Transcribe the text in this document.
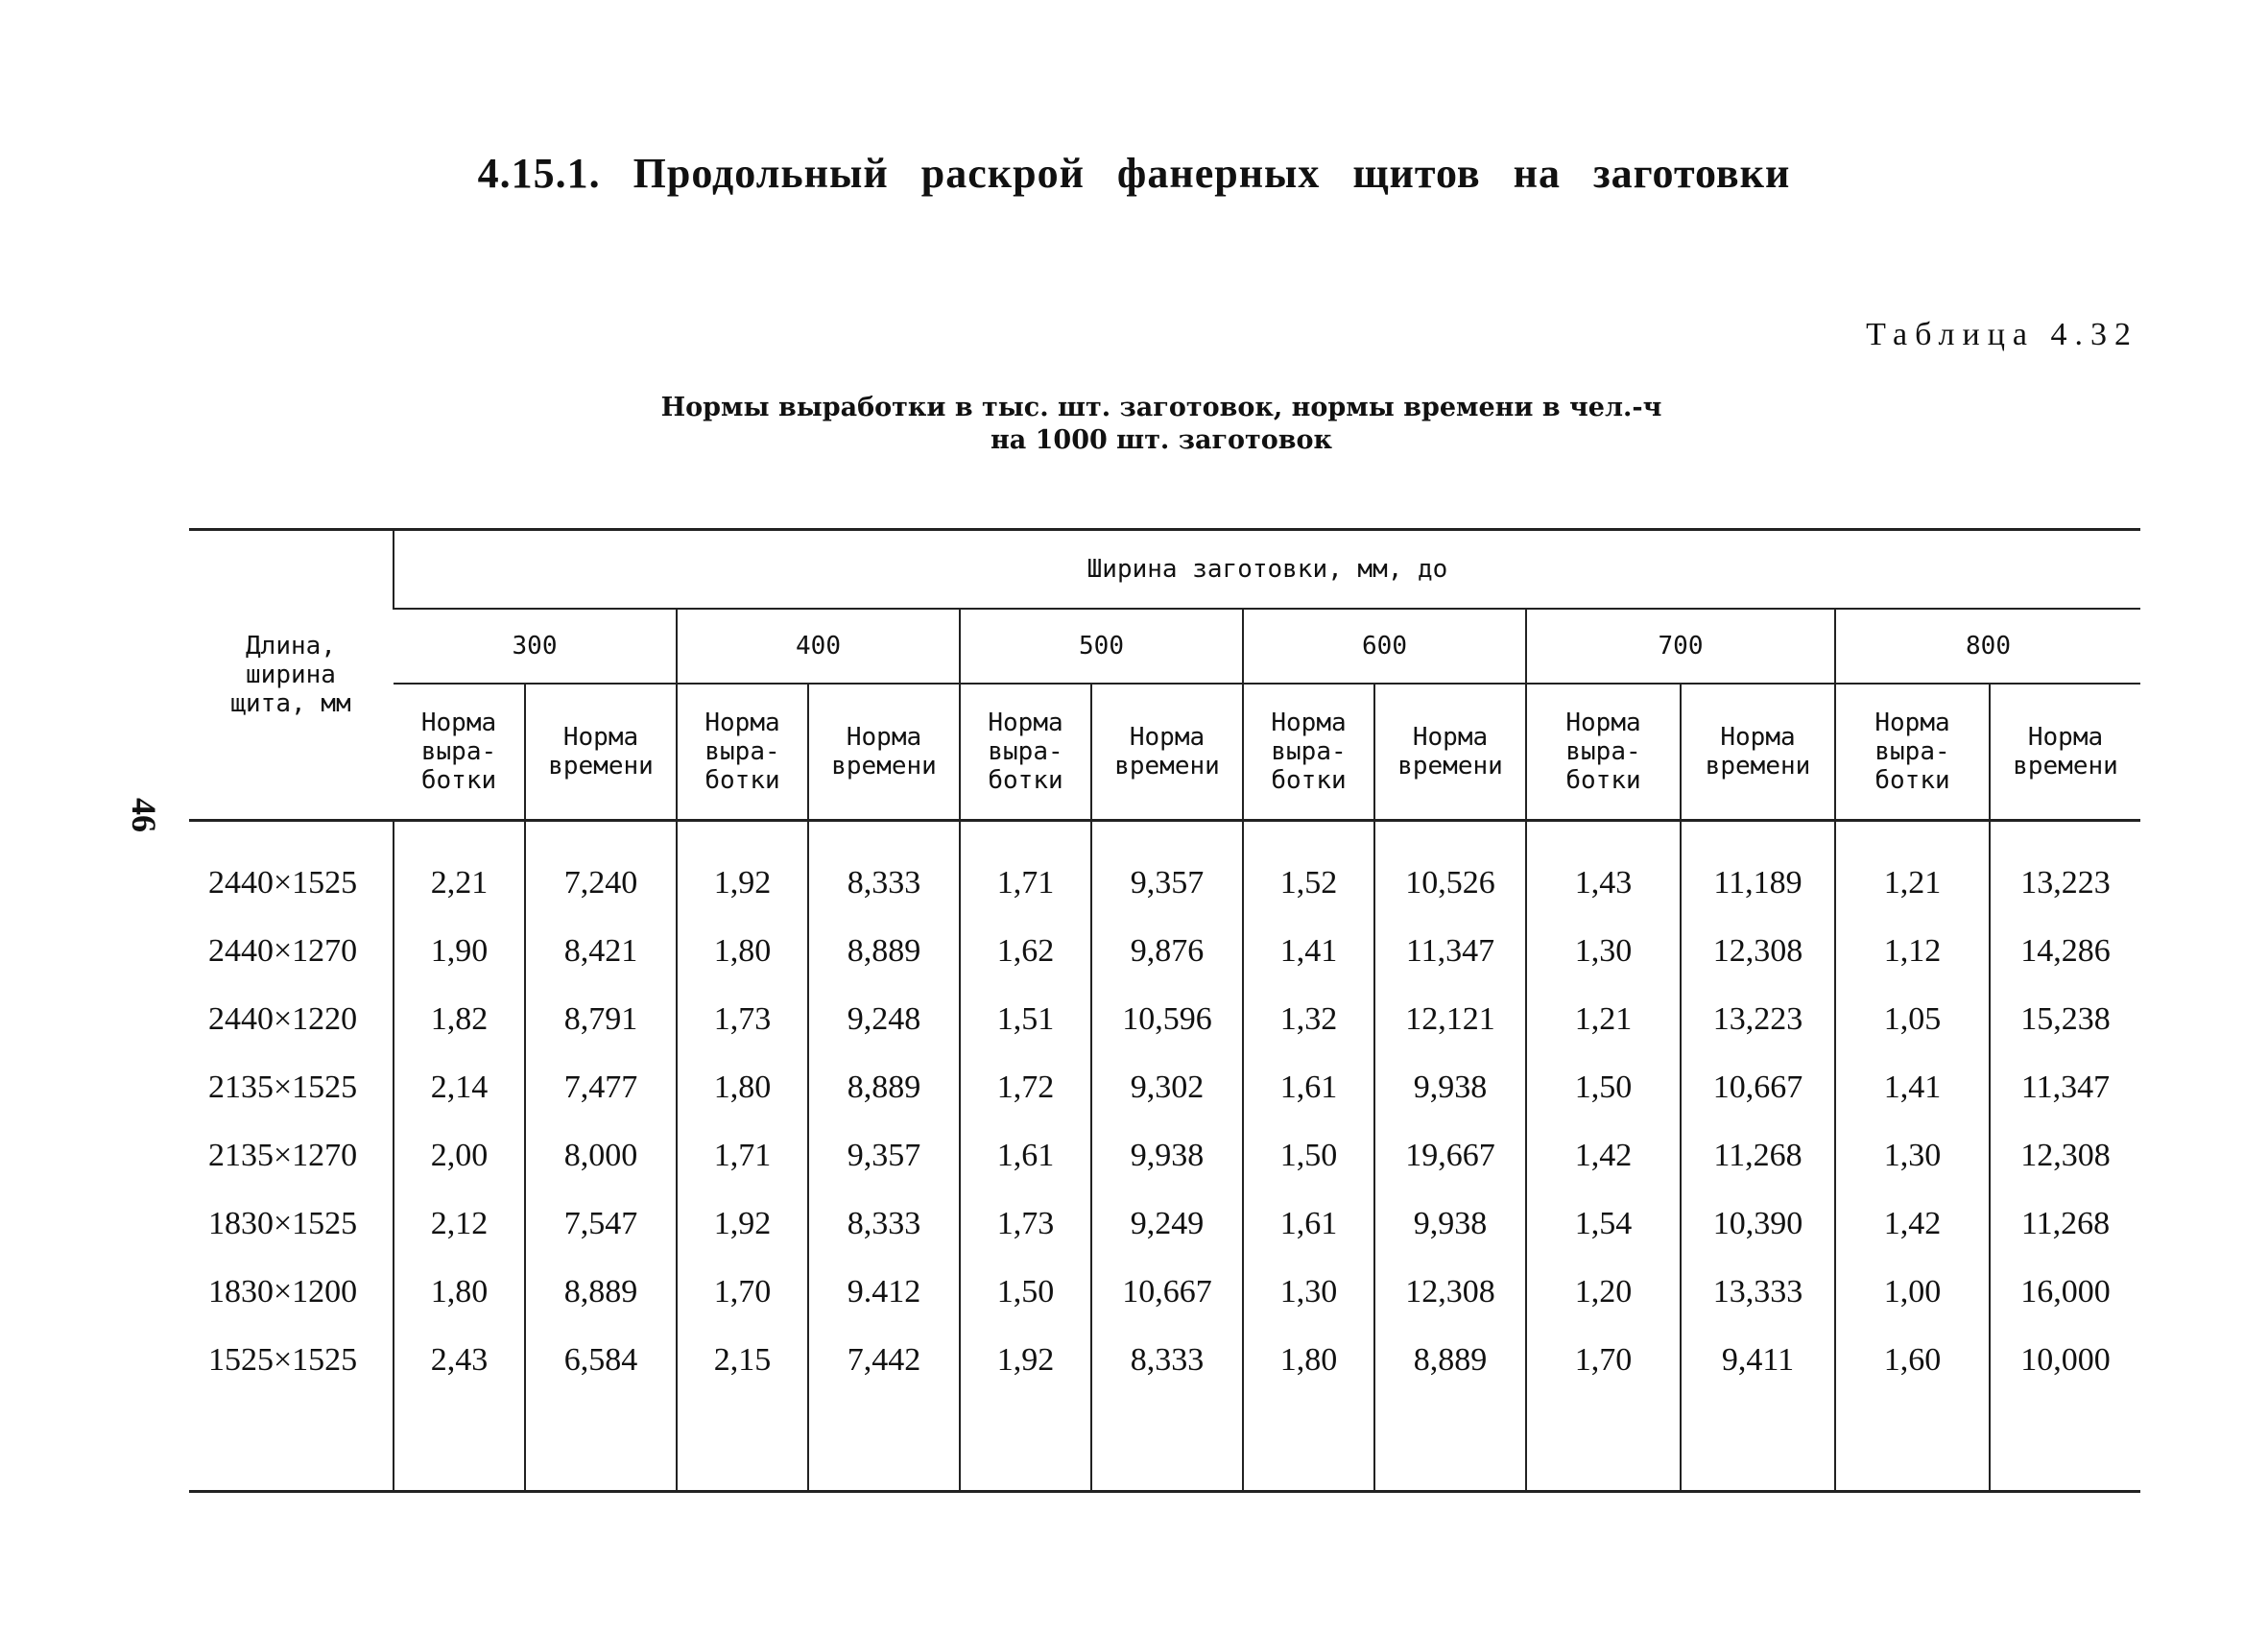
4.15.1. Продольный раскрой фанерных щитов на заготовки
Таблица 4.32
Нормы выработки в тыс. шт. заготовок, нормы времени в чел.-ч
на 1000 шт. заготовок
46
Длина,
ширина
щита, мм	Ширина заготовки, мм, до											
	300		400		500		600		700		800	
	Норма
выра-
ботки	Норма
времени	Норма
выра-
ботки	Норма
времени	Норма
выра-
ботки	Норма
времени	Норма
выра-
ботки	Норма
времени	Норма
выра-
ботки	Норма
времени	Норма
выра-
ботки	Норма
времени
2440×1525	2,21	7,240	1,92	8,333	1,71	9,357	1,52	10,526	1,43	11,189	1,21	13,223
2440×1270	1,90	8,421	1,80	8,889	1,62	9,876	1,41	11,347	1,30	12,308	1,12	14,286
2440×1220	1,82	8,791	1,73	9,248	1,51	10,596	1,32	12,121	1,21	13,223	1,05	15,238
2135×1525	2,14	7,477	1,80	8,889	1,72	9,302	1,61	9,938	1,50	10,667	1,41	11,347
2135×1270	2,00	8,000	1,71	9,357	1,61	9,938	1,50	19,667	1,42	11,268	1,30	12,308
1830×1525	2,12	7,547	1,92	8,333	1,73	9,249	1,61	9,938	1,54	10,390	1,42	11,268
1830×1200	1,80	8,889	1,70	9.412	1,50	10,667	1,30	12,308	1,20	13,333	1,00	16,000
1525×1525	2,43	6,584	2,15	7,442	1,92	8,333	1,80	8,889	1,70	9,411	1,60	10,000
